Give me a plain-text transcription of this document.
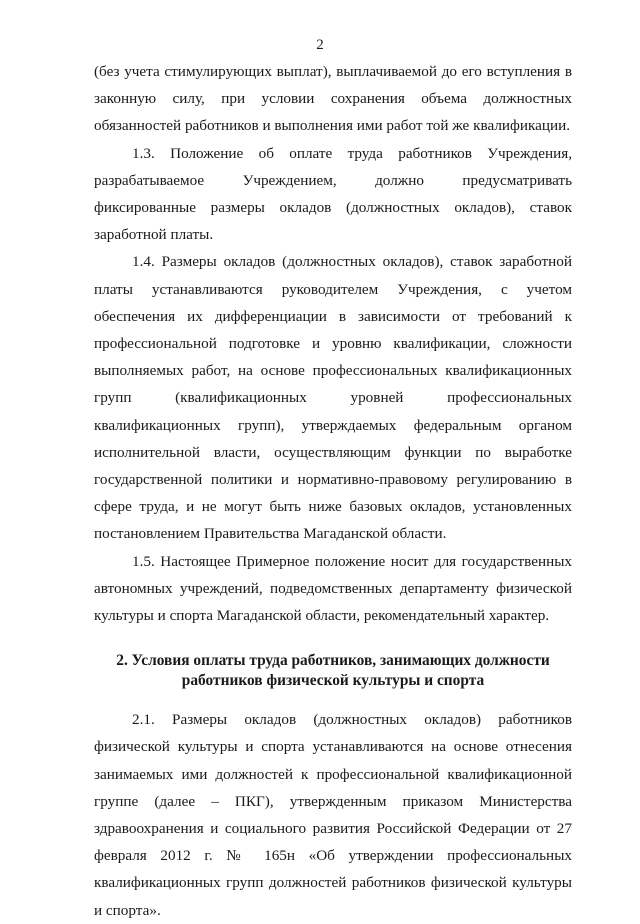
2

(без учета стимулирующих выплат), выплачиваемой до его вступления в законную силу, при условии сохранения объема должностных обязанностей работников и выполнения ими работ той же квалификации.

1.3. Положение об оплате труда работников Учреждения, разрабатываемое Учреждением, должно предусматривать фиксированные размеры окладов (должностных окладов), ставок заработной платы.

1.4. Размеры окладов (должностных окладов), ставок заработной платы устанавливаются руководителем Учреждения, с учетом обеспечения их дифференциации в зависимости от требований к профессиональной подготовке и уровню квалификации, сложности выполняемых работ, на основе профессиональных квалификационных групп (квалификационных уровней профессиональных квалификационных групп), утверждаемых федеральным органом исполнительной власти, осуществляющим функции по выработке государственной политики и нормативно-правовому регулированию в сфере труда, и не могут быть ниже базовых окладов, установленных постановлением Правительства Магаданской области.

1.5. Настоящее Примерное положение носит для государственных автономных учреждений, подведомственных департаменту физической культуры и спорта Магаданской области, рекомендательный характер.

2. Условия оплаты труда работников, занимающих должности
работников физической культуры и спорта

2.1. Размеры окладов (должностных окладов) работников физической культуры и спорта устанавливаются на основе отнесения занимаемых ими должностей к профессиональной квалификационной группе (далее – ПКГ), утвержденным приказом Министерства здравоохранения и социального развития Российской Федерации от 27 февраля 2012 г. № 165н «Об утверждении профессиональных квалификационных групп должностей работников физической культуры и спорта».
